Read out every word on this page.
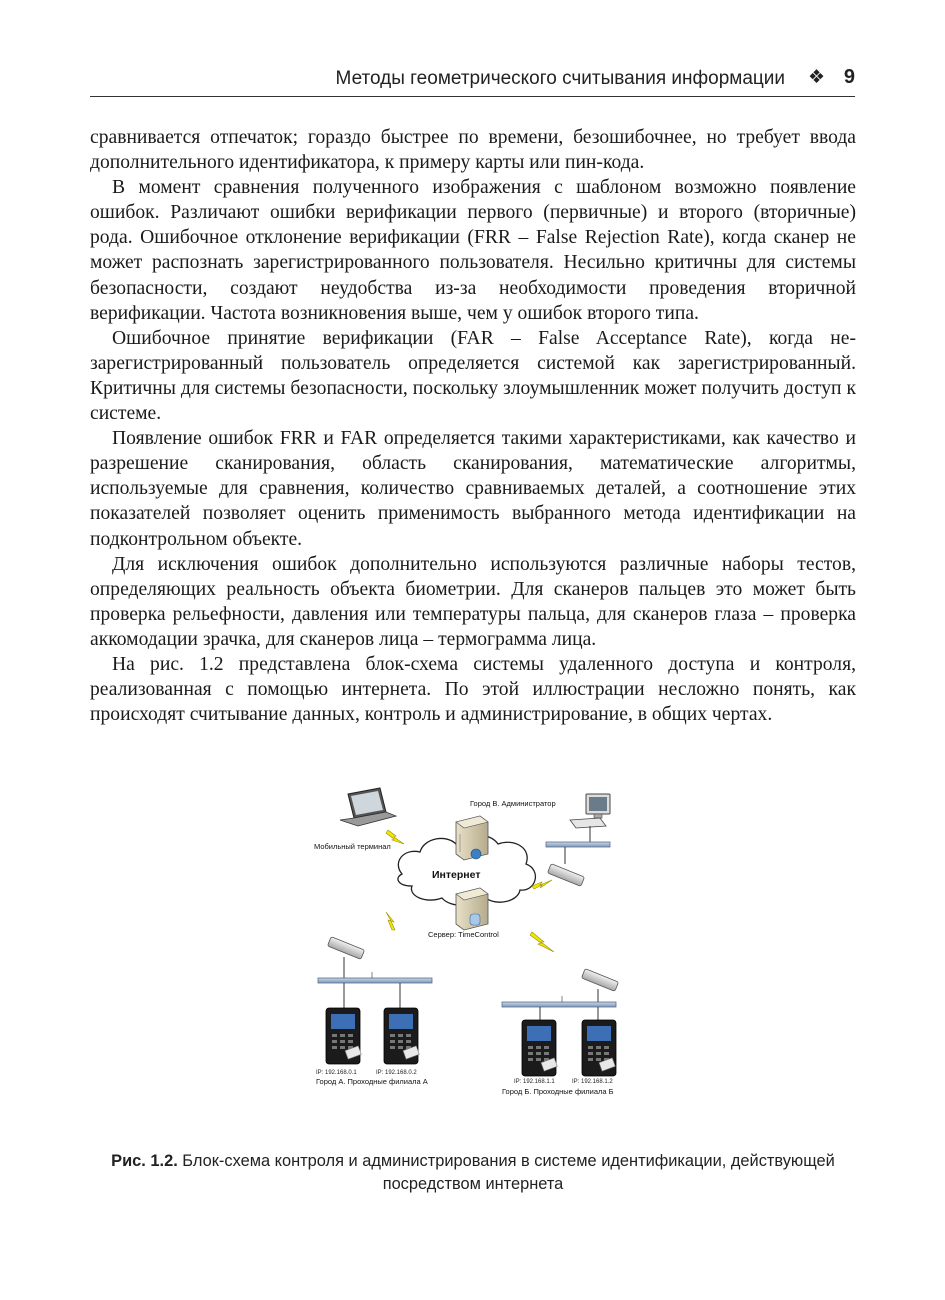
Методы геометрического считывания информации ❖ 9

сравнивается отпечаток; гораздо быстрее по времени, безошибочнее, но требует ввода дополнительного идентификатора, к примеру карты или пин-кода.

В момент сравнения полученного изображения с шаблоном возможно появление ошибок. Различают ошибки верификации первого (первичные) и второго (вторичные) рода. Ошибочное отклонение верификации (FRR – False Rejection Rate), когда сканер не может распознать зарегистрированного пользователя. Несильно критичны для системы безопасности, создают неудобства из-за необходимости проведения вторичной верификации. Частота возникновения выше, чем у ошибок второго типа.

Ошибочное принятие верификации (FAR – False Acceptance Rate), когда незарегистрированный пользователь определяется системой как зарегистрированный. Критичны для системы безопасности, поскольку злоумышленник может получить доступ к системе.

Появление ошибок FRR и FAR определяется такими характеристиками, как качество и разрешение сканирования, область сканирования, математические алгоритмы, используемые для сравнения, количество сравниваемых деталей, а соотношение этих показателей позволяет оценить применимость выбранного метода идентификации на подконтрольном объекте.

Для исключения ошибок дополнительно используются различные наборы тестов, определяющих реальность объекта биометрии. Для сканеров пальцев это может быть проверка рельефности, давления или температуры пальца, для сканеров глаза – проверка аккомодации зрачка, для сканеров лица – термограмма лица.

На рис. 1.2 представлена блок-схема системы удаленного доступа и контроля, реализованная с помощью интернета. По этой иллюстрации несложно понять, как происходят считывание данных, контроль и администрирование, в общих чертах.

Мобильный терминал
Город В. Администратор
Интернет
Сервер: TimeControl
IP: 192.168.0.1	IP: 192.168.0.2
Город А. Проходные филиала А	IP: 192.168.1.1	IP: 192.168.1.2
Город Б. Проходные филиала Б
Рис. 1.2. Блок-схема контроля и администрирования в системе идентификации, действующей посредством интернета
